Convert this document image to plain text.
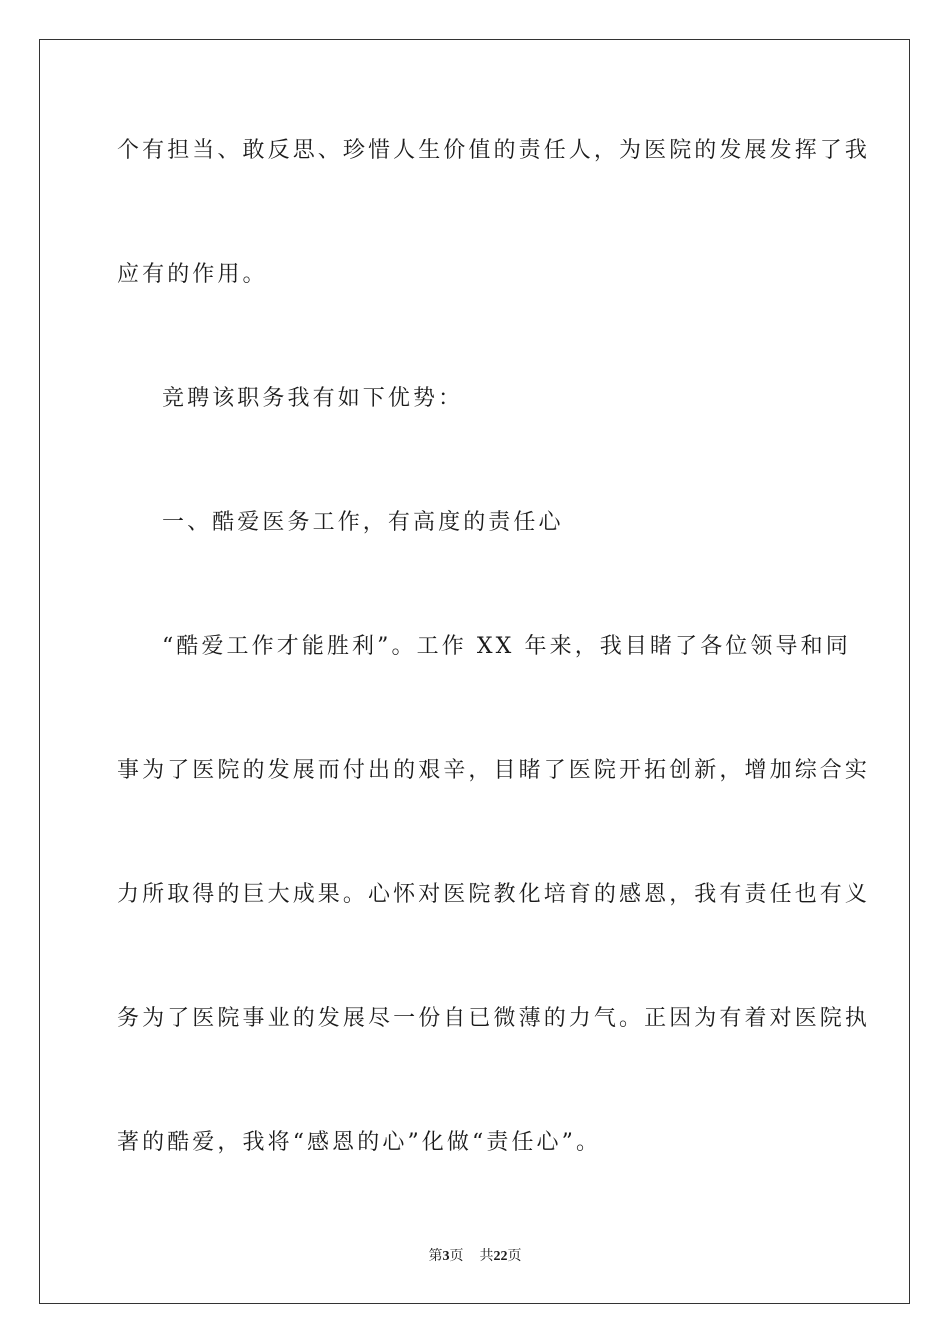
个有担当、敢反思、珍惜人生价值的责任人，为医院的发展发挥了我
应有的作用。
竞聘该职务我有如下优势：
一、酷爱医务工作，有高度的责任心
“酷爱工作才能胜利”。工作 XX 年来，我目睹了各位领导和同
事为了医院的发展而付出的艰辛，目睹了医院开拓创新，增加综合实
力所取得的巨大成果。心怀对医院教化培育的感恩，我有责任也有义
务为了医院事业的发展尽一份自已微薄的力气。正因为有着对医院执
著的酷爱，我将“感恩的心”化做“责任心”。
第3页 共22页
